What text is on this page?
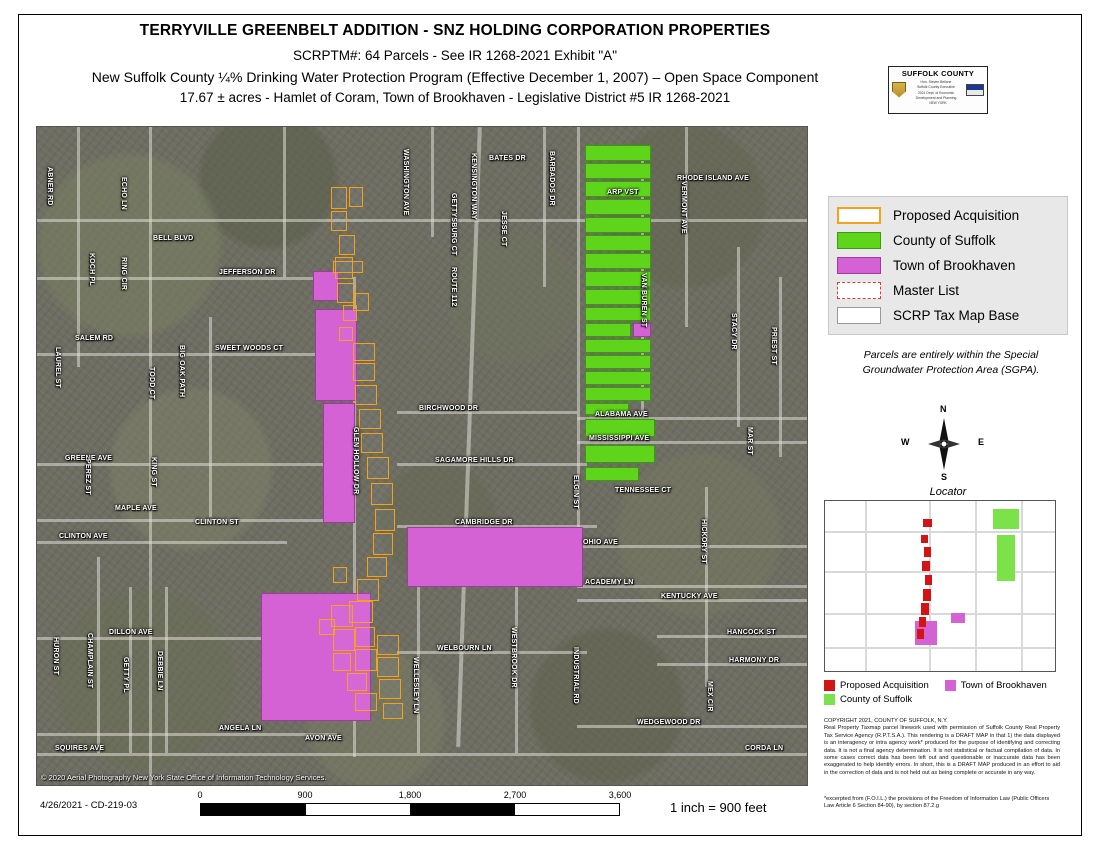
TERRYVILLE GREENBELT ADDITION - SNZ HOLDING CORPORATION PROPERTIES
SCRPTM#: 64 Parcels - See IR 1268-2021 Exhibit "A"
New Suffolk County ¼% Drinking Water Protection Program (Effective December 1, 2007) – Open Space Component
17.67 ± acres - Hamlet of Coram, Town of Brookhaven - Legislative District #5 IR 1268-2021
SUFFOLK COUNTY
Hon. Steven Bellone
Suffolk County Executive
2021 Dept. of Economic
Development and Planning
NEW YORK
© 2020 Aerial Photography New York State Office of Information Technology Services.
BATES DR
RHODE ISLAND AVE
BELL BLVD
JEFFERSON DR
SWEET WOODS CT
SALEM RD
BIRCHWOOD DR
ALABAMA AVE
MISSISSIPPI AVE
SAGAMORE HILLS DR
TENNESSEE CT
GREENE AVE
MAPLE AVE
CLINTON ST
CLINTON AVE
CAMBRIDGE DR
OHIO AVE
ACADEMY LN
KENTUCKY AVE
DILLON AVE
WELBOURN LN
HANCOCK ST
HARMONY DR
ANGELA LN
AVON AVE
WEDGEWOOD DR
SQUIRES AVE	CORDA LN
ARP VST
ABNER RD	ECHO LN
KOCH PL	RING CIR
LAUREL ST	BIG OAK PATH
TODD CT
KING ST
PEREZ ST
WASHINGTON AVE	KENSINGTON WAY
GETTYSBURG CT	JESSE CT
ROUTE 112
BARBADOS DR
VAN BUREN ST
VERMONT AVE
STACY DR	PRIEST ST
GLEN HOLLOW DR	ELGIN ST
HICKORY ST
MAR ST
WESTBROOK DR
WELLESLEY LN	INDUSTRIAL RD
HURON ST	CHAMPLAIN ST	GETTY PL	DEBBIE LN
MEX CIR
Proposed Acquisition
County of Suffolk
Town of Brookhaven
Master List
SCRP Tax Map Base
Parcels are entirely within the Special Groundwater Protection Area (SGPA).
N
S
W	E
Locator
Proposed Acquisition	Town of Brookhaven
County of Suffolk
COPYRIGHT 2021, COUNTY OF SUFFOLK, N.Y.
Real Property Taxmap parcel linework used with permission of Suffolk County Real Property Tax Service Agency (R.P.T.S.A.). This rendering is a DRAFT MAP in that 1) the data displayed is an interagency or intra agency work* produced for the purpose of identifying and correcting data. It is not a final agency determination. It is not statistical or factual compilation of data. In some cases correct data has been left out and questionable or inaccurate data has been exaggerated to help identify errors. In short, this is a DRAFT MAP produced in an effort to aid in the correction of data and is not held out as being complete or accurate in any way.
*excerpted from (F.O.I.L.) the provisions of the Freedom of Information Law (Public Officers Law Article 6 Section 84-90), by section 87.2.g
4/26/2021 - CD-219-03
0	900	1,800	2,700	3,600
Feet	1 inch = 900 feet
